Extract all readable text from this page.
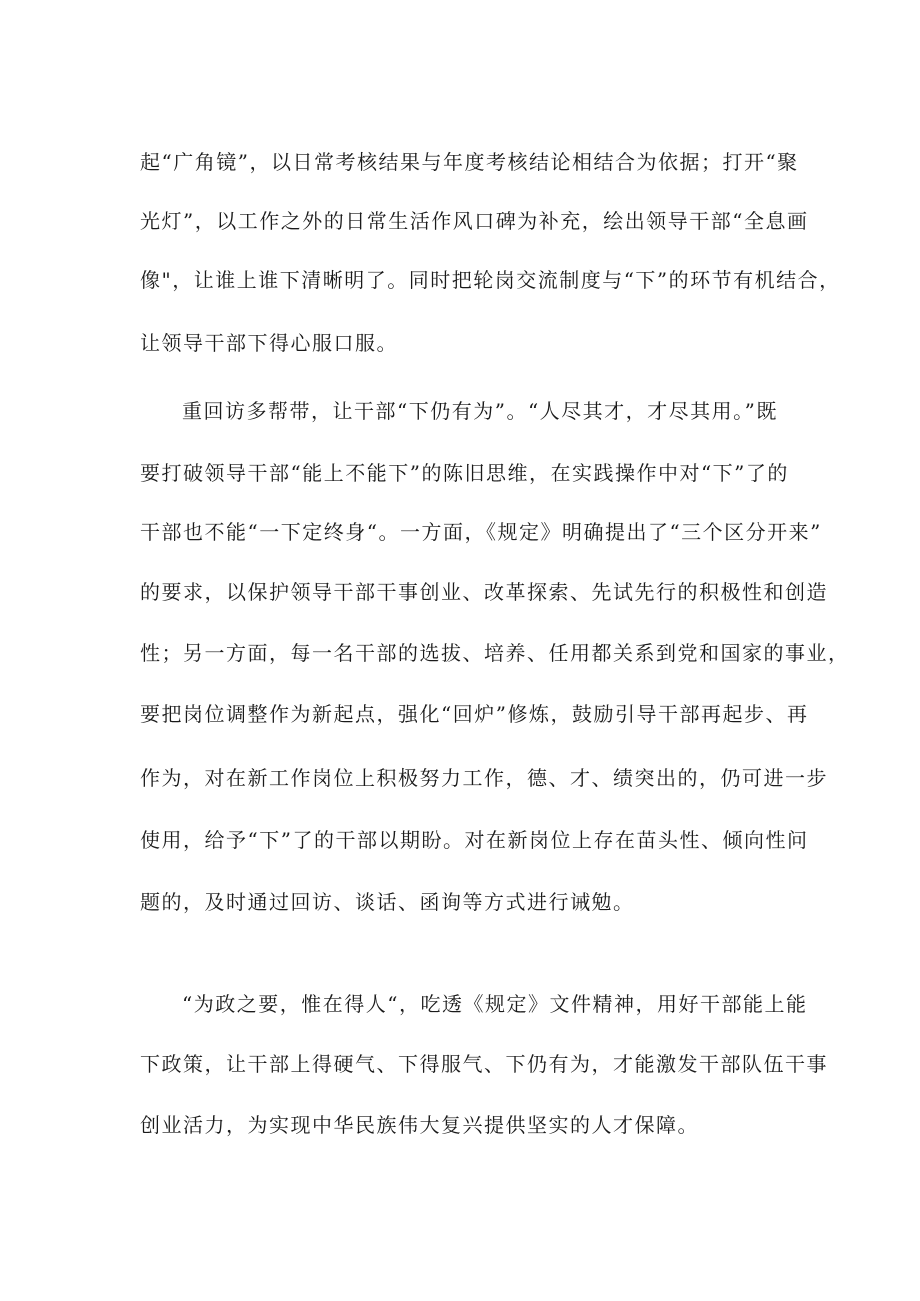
起“广角镜”，以日常考核结果与年度考核结论相结合为依据；打开“聚
光灯”，以工作之外的日常生活作风口碑为补充，绘出领导干部“全息画
像"，让谁上谁下清晰明了。同时把轮岗交流制度与“下”的环节有机结合，
让领导干部下得心服口服。
重回访多帮带，让干部“下仍有为”。“人尽其才，才尽其用。”既
要打破领导干部“能上不能下”的陈旧思维，在实践操作中对“下”了的
干部也不能“一下定终身“。一方面，《规定》明确提出了“三个区分开来”
的要求，以保护领导干部干事创业、改革探索、先试先行的积极性和创造
性；另一方面，每一名干部的选拔、培养、任用都关系到党和国家的事业，
要把岗位调整作为新起点，强化“回炉”修炼，鼓励引导干部再起步、再
作为，对在新工作岗位上积极努力工作，德、才、绩突出的，仍可进一步
使用，给予“下”了的干部以期盼。对在新岗位上存在苗头性、倾向性问
题的，及时通过回访、谈话、函询等方式进行诫勉。
“为政之要，惟在得人“，吃透《规定》文件精神，用好干部能上能
下政策，让干部上得硬气、下得服气、下仍有为，才能激发干部队伍干事
创业活力，为实现中华民族伟大复兴提供坚实的人才保障。
